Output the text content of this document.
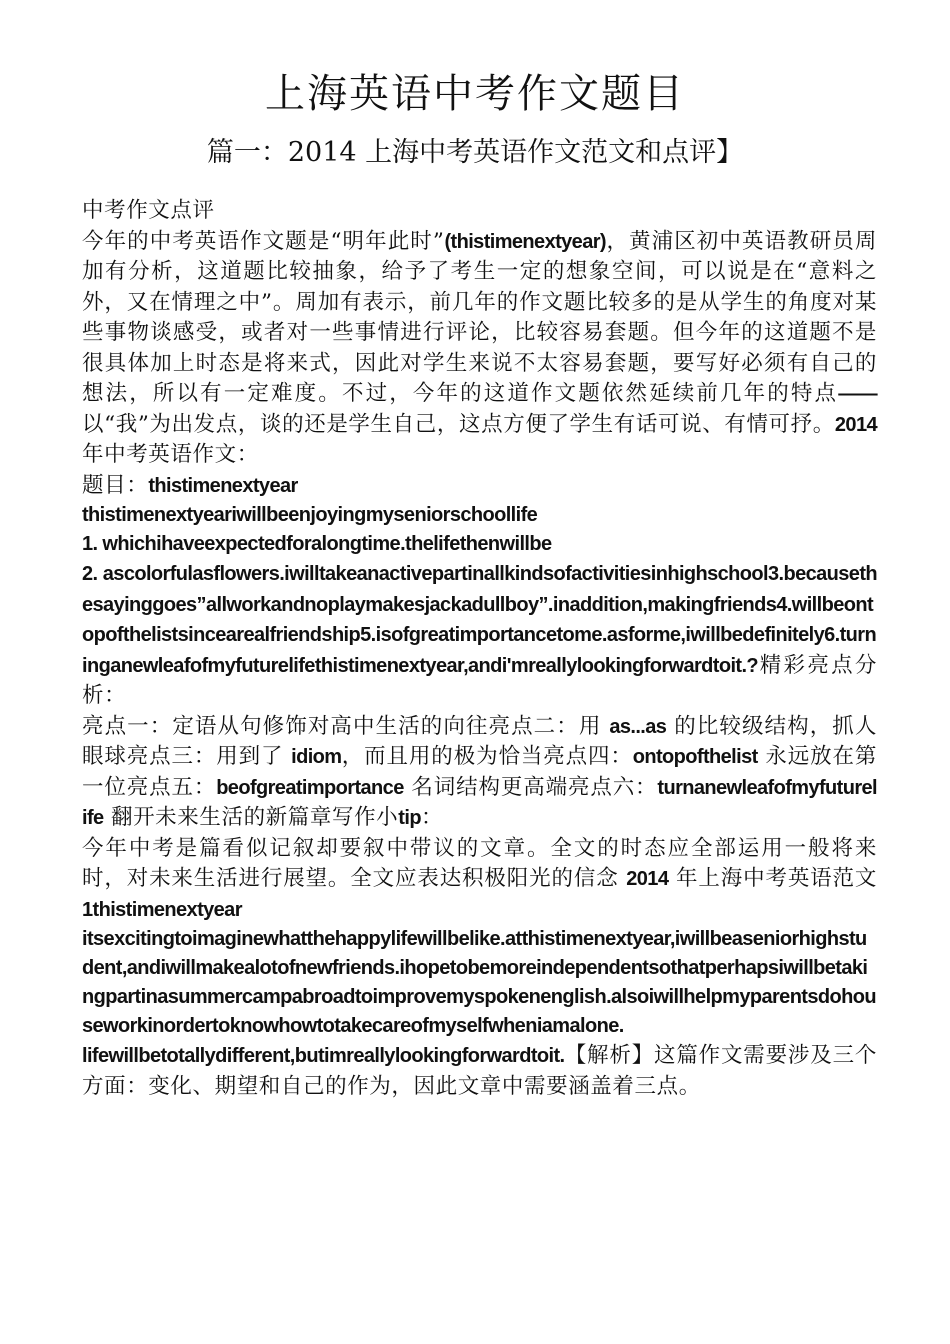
上海英语中考作文题目
篇一：2014 上海中考英语作文范文和点评】

中考作文点评

今年的中考英语作文题是“明年此时”(thistimenextyear)，黄浦区初中英语教研员周加有分析，这道题比较抽象，给予了考生一定的想象空间，可以说是在“意料之外，又在情理之中”。周加有表示，前几年的作文题比较多的是从学生的角度对某些事物谈感受，或者对一些事情进行评论，比较容易套题。但今年的这道题不是很具体加上时态是将来式，因此对学生来说不太容易套题，要写好必须有自己的想法，所以有一定难度。不过，今年的这道作文题依然延续前几年的特点——以“我”为出发点，谈的还是学生自己，这点方便了学生有话可说、有情可抒。2014 年中考英语作文：

题目：thistimenextyear

thistimenextyeariwillbeenjoyingmyseniorschoollife

1. whichihaveexpectedforalongtime.thelifethenwillbe

2. ascolorfulasflowers.iwilltakeanactivepartinallkindsofactivitiesinhighschool3.becausethesayinggoes”allworkandnoplaymakesjackadullboy”.inaddition,makingfriends4.willbeontopofthelistsincearealfriendship5.isofgreatimportancetome.asforme,iwillbedefinitely6.turninganewleafofmyfuturelifethistimenextyear,andi'mreallylookingforwardtoit.?精彩亮点分析：

亮点一：定语从句修饰对高中生活的向往亮点二：用 as...as 的比较级结构，抓人眼球亮点三：用到了 idiom，而且用的极为恰当亮点四：ontopofthelist 永远放在第一位亮点五：beofgreatimportance 名词结构更高端亮点六：turnanewleafofmyfuturelife 翻开未来生活的新篇章写作小tip：

今年中考是篇看似记叙却要叙中带议的文章。全文的时态应全部运用一般将来时，对未来生活进行展望。全文应表达积极阳光的信念 2014 年上海中考英语范文 1thistimenextyear

itsexcitingtoimaginewhatthehappylifewillbelike.atthistimenextyear,iwillbeaseniorhighstudent,andiwillmakealotofnewfriends.ihopetobemoreindependentsothatperhapsiwillbetakingpartinasummercampabroadtoimprovemyspokenenglish.alsoiwillhelpmyparentsdohouseworkinordertoknowhowtotakecareofmyselfwheniamalone.

lifewillbetotallydifferent,butimreallylookingforwardtoit.【解析】这篇作文需要涉及三个方面：变化、期望和自己的作为，因此文章中需要涵盖着三点。
